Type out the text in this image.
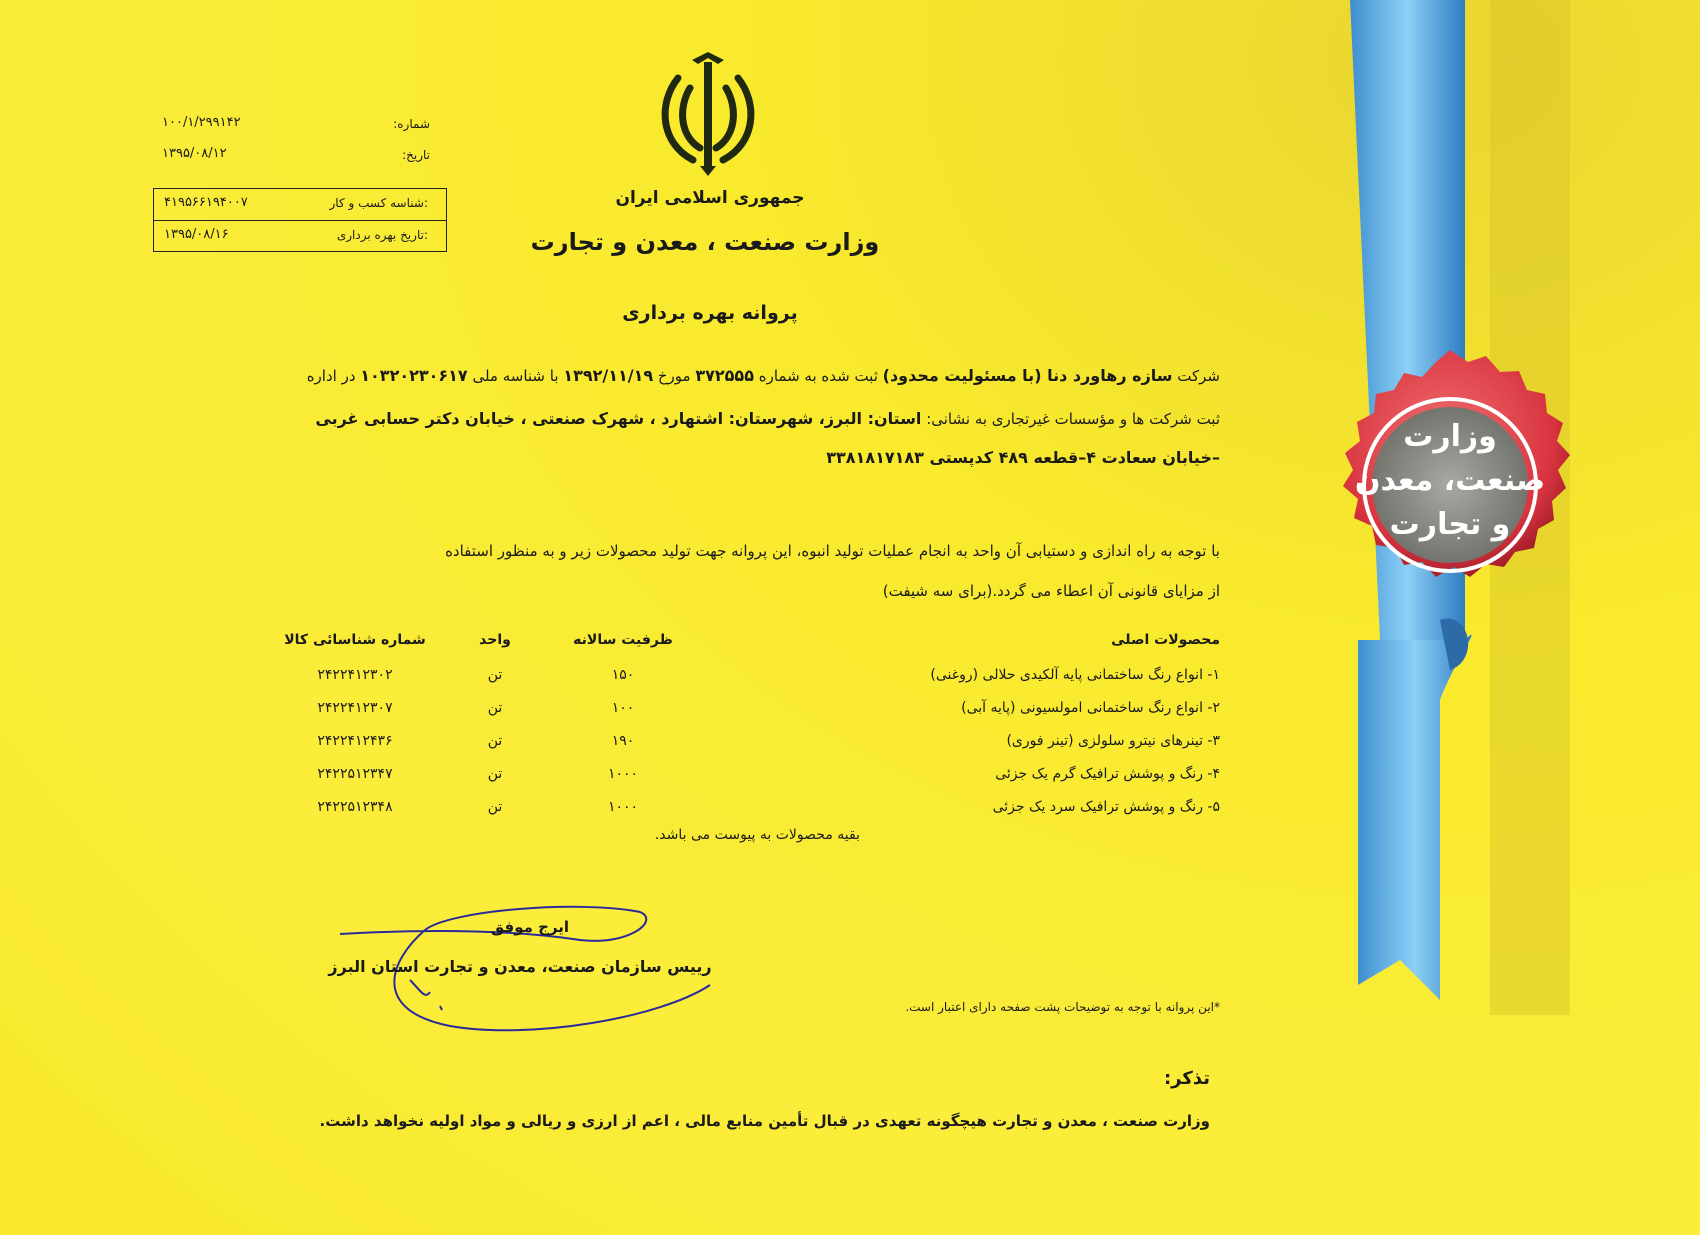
شماره:
۱۰۰/۱/۲۹۹۱۴۲
تاریخ:
۱۳۹۵/۰۸/۱۲
شناسه کسب و کار:
۴۱۹۵۶۶۱۹۴۰۰۷
تاریخ بهره برداری:
۱۳۹۵/۰۸/۱۶
جمهوری اسلامی ایران
وزارت صنعت ، معدن و تجارت
پروانه بهره برداری
شرکت سازه رهاورد دنا (با مسئولیت محدود) ثبت شده به شماره ۳۷۲۵۵۵ مورخ ۱۳۹۲/۱۱/۱۹ با شناسه ملی ۱۰۳۲۰۲۳۰۶۱۷ در اداره
ثبت شرکت ها و مؤسسات غیرتجاری به نشانی: استان: البرز، شهرستان: اشتهارد ، شهرک صنعتی ، خیابان دکتر حسابی غربی
–خیابان سعادت ۴–قطعه ۴۸۹ کدپستی ۳۳۸۱۸۱۷۱۸۳
با توجه به راه اندازی و دستیابی آن واحد به انجام عملیات تولید انبوه، این پروانه جهت تولید محصولات زیر و به منظور استفاده
از مزایای قانونی آن اعطاء می گردد.(برای سه شیفت)
محصولات اصلی
ظرفیت سالانه
واحد
شماره شناسائی کالا
۱- انواع رنگ ساختمانی پایه آلکیدی حلالی (روغنی)
۱۵۰
تن
۲۴۲۲۴۱۲۳۰۲
۲- انواع رنگ ساختمانی امولسیونی (پایه آبی)
۱۰۰
تن
۲۴۲۲۴۱۲۳۰۷
۳- تینرهای نیترو سلولزی (تینر فوری)
۱۹۰
تن
۲۴۲۲۴۱۲۴۳۶
۴- رنگ و پوشش ترافیک گرم یک جزئی
۱۰۰۰
تن
۲۴۲۲۵۱۲۳۴۷
۵- رنگ و پوشش ترافیک سرد یک جزئی
۱۰۰۰
تن
۲۴۲۲۵۱۲۳۴۸
بقیه محصولات به پیوست می باشد.
ایرج موفق
رییس سازمان صنعت، معدن و تجارت استان البرز
*این پروانه با توجه به توضیحات پشت صفحه دارای اعتبار است.
تذکر:
وزارت صنعت ، معدن و تجارت هیچگونه تعهدی در قبال تأمین منابع مالی ، اعم از ارزی و ریالی و مواد اولیه نخواهد داشت.
وزارت
صنعت، معدن
و تجارت
